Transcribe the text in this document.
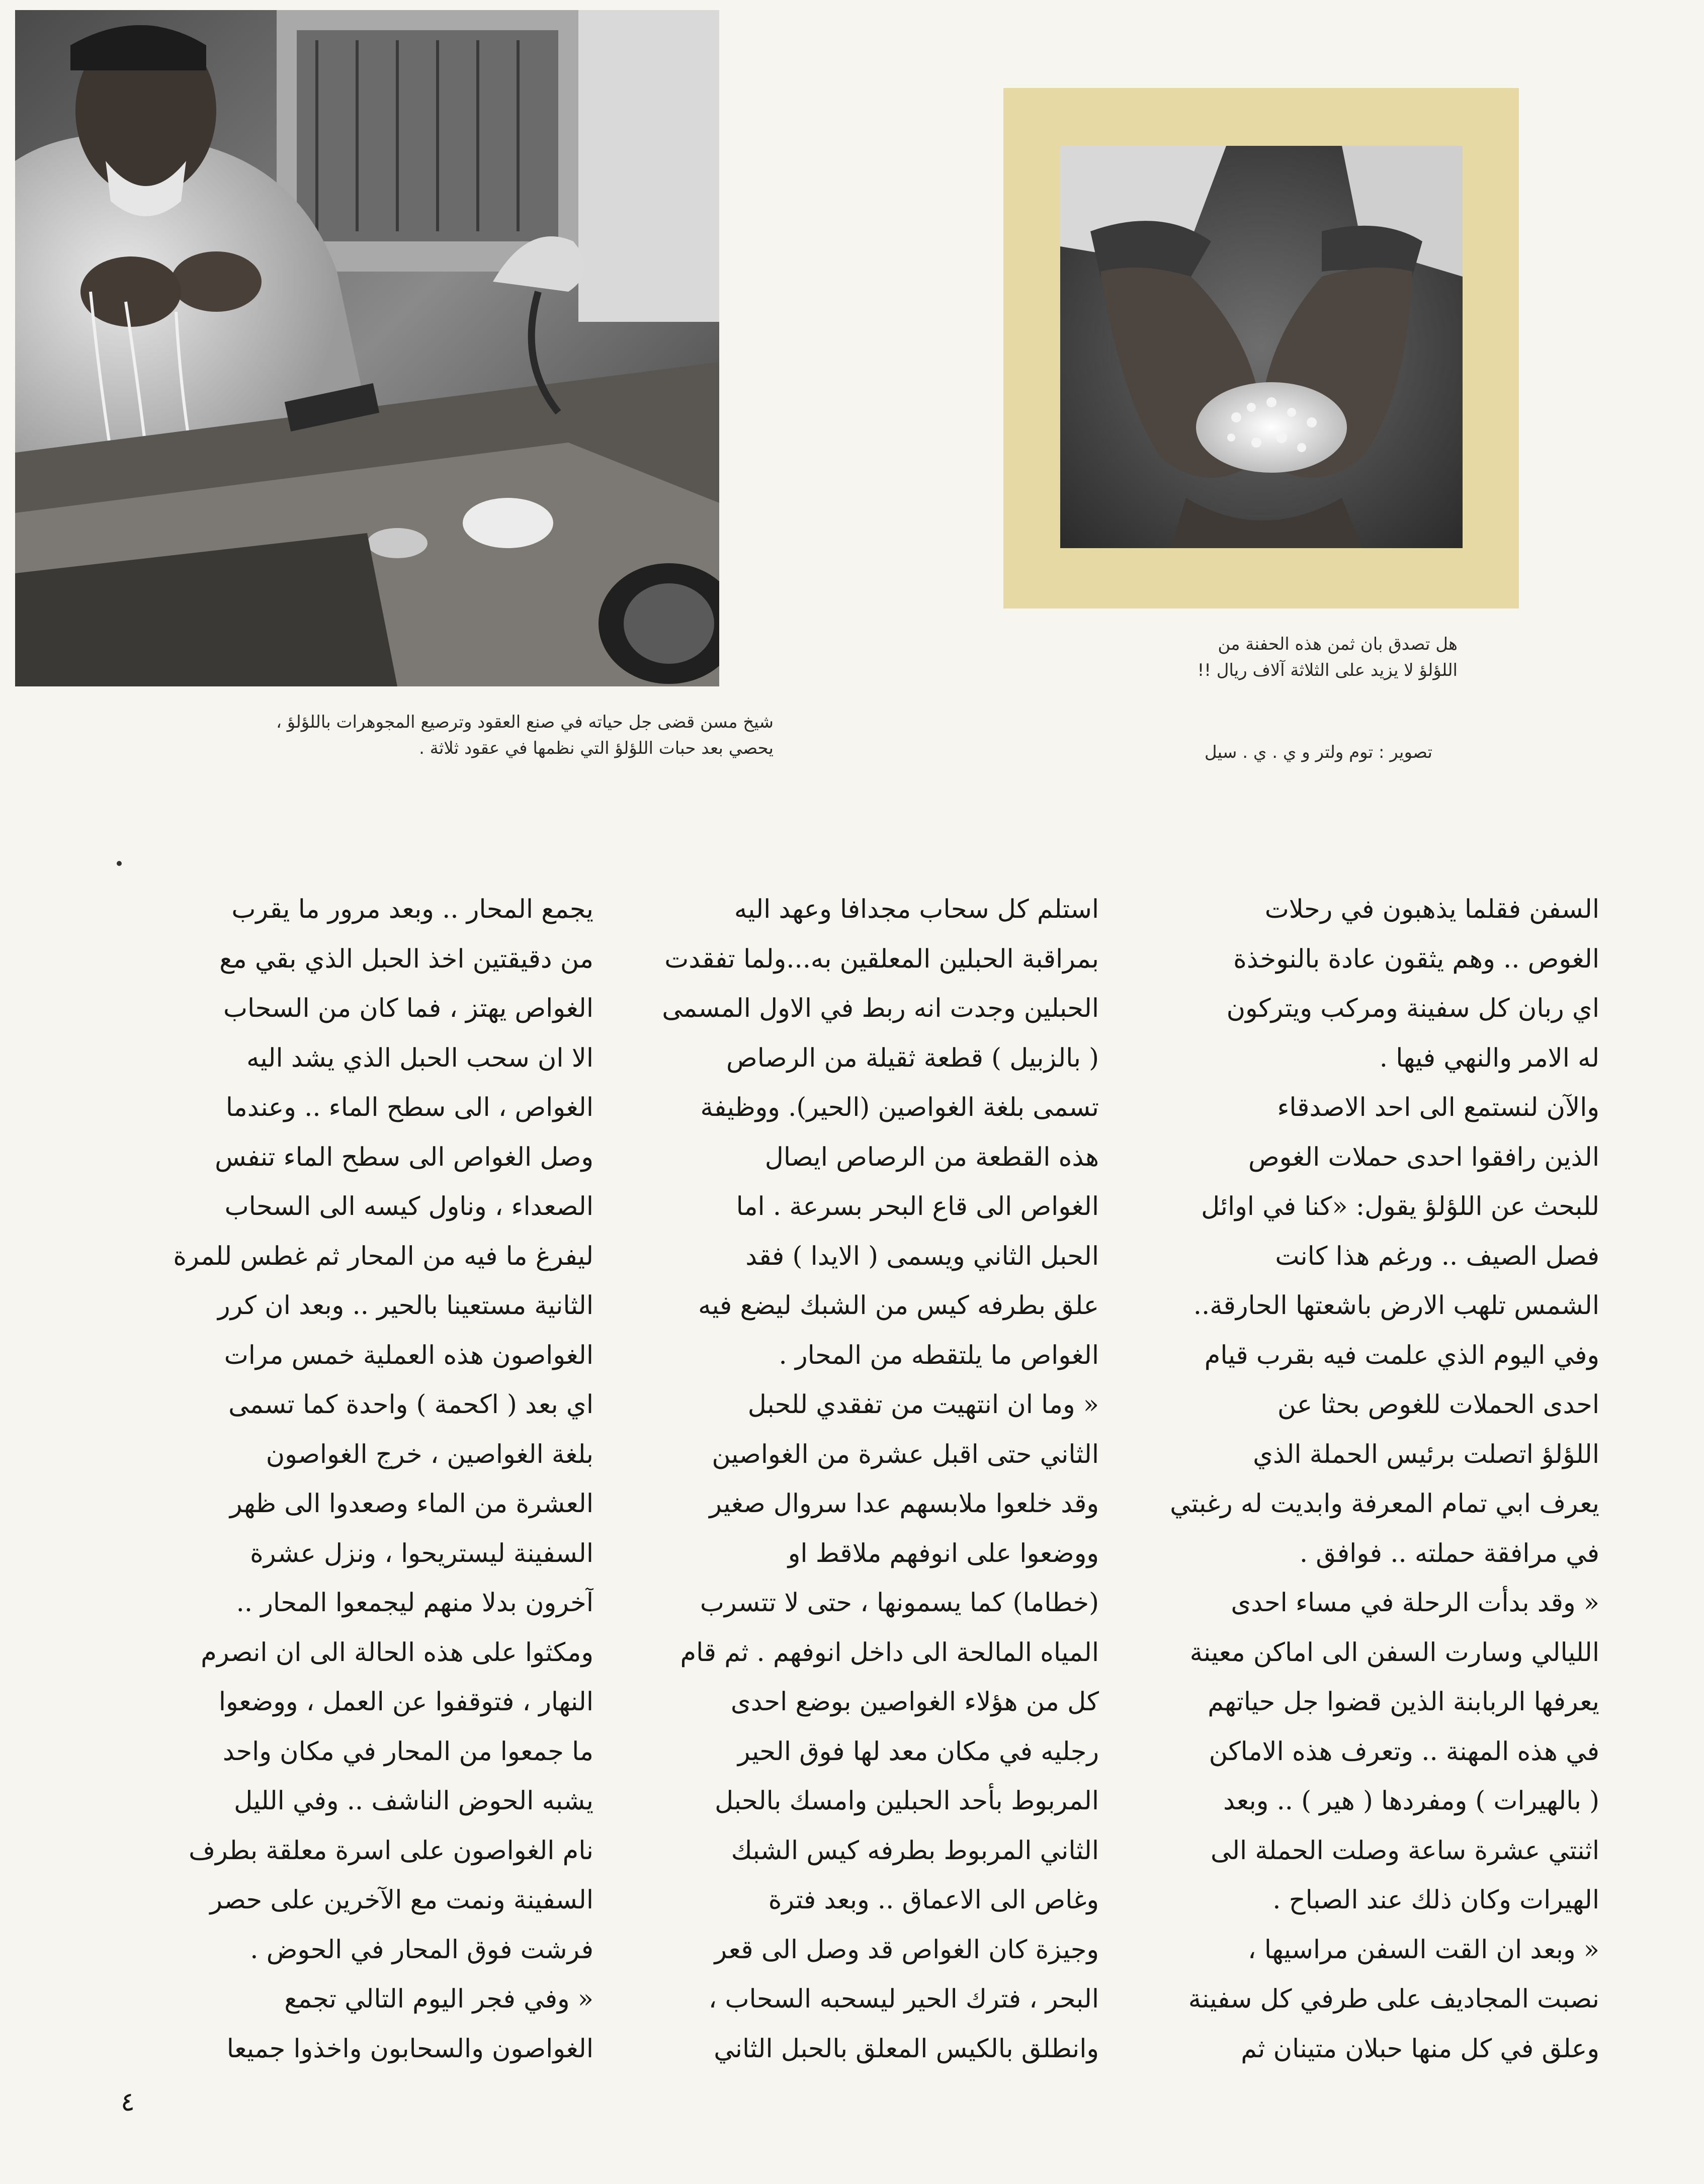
شيخ مسن قضى جل حياته في صنع العقود وترصيع المجوهرات باللؤلؤ ،
يحصي بعد حبات اللؤلؤ التي نظمها في عقود ثلاثة .
هل تصدق بان ثمن هذه الحفنة من
اللؤلؤ لا يزيد على الثلاثة آلاف ريال !!
تصوير : توم ولتر و ي . ي . سيل
السفن فقلما يذهبون في رحلات
الغوص .. وهم يثقون عادة بالنوخذة
اي ربان كل سفينة ومركب ويتركون
له الامر والنهي فيها .
والآن لنستمع الى احد الاصدقاء
الذين رافقوا احدى حملات الغوص
للبحث عن اللؤلؤ يقول: «كنا في اوائل
فصل الصيف .. ورغم هذا كانت
الشمس تلهب الارض باشعتها الحارقة..
وفي اليوم الذي علمت فيه بقرب قيام
احدى الحملات للغوص بحثا عن
اللؤلؤ اتصلت برئيس الحملة الذي
يعرف ابي تمام المعرفة وابديت له رغبتي
في مرافقة حملته .. فوافق .
« وقد بدأت الرحلة في مساء احدى
الليالي وسارت السفن الى اماكن معينة
يعرفها الربابنة الذين قضوا جل حياتهم
في هذه المهنة .. وتعرف هذه الاماكن
( بالهيرات ) ومفردها ( هير ) .. وبعد
اثنتي عشرة ساعة وصلت الحملة الى
الهيرات وكان ذلك عند الصباح .
« وبعد ان القت السفن مراسيها ،
نصبت المجاديف على طرفي كل سفينة
وعلق في كل منها حبلان متينان ثم
استلم كل سحاب مجدافا وعهد اليه
بمراقبة الحبلين المعلقين به...ولما تفقدت
الحبلين وجدت انه ربط في الاول المسمى
( بالزبيل ) قطعة ثقيلة من الرصاص
تسمى بلغة الغواصين (الحير). ووظيفة
هذه القطعة من الرصاص ايصال
الغواص الى قاع البحر بسرعة . اما
الحبل الثاني ويسمى ( الايدا ) فقد
علق بطرفه كيس من الشبك ليضع فيه
الغواص ما يلتقطه من المحار .
« وما ان انتهيت من تفقدي للحبل
الثاني حتى اقبل عشرة من الغواصين
وقد خلعوا ملابسهم عدا سروال صغير
ووضعوا على انوفهم ملاقط او
(خطاما) كما يسمونها ، حتى لا تتسرب
المياه المالحة الى داخل انوفهم . ثم قام
كل من هؤلاء الغواصين بوضع احدى
رجليه في مكان معد لها فوق الحير
المربوط بأحد الحبلين وامسك بالحبل
الثاني المربوط بطرفه كيس الشبك
وغاص الى الاعماق .. وبعد فترة
وجيزة كان الغواص قد وصل الى قعر
البحر ، فترك الحير ليسحبه السحاب ،
وانطلق بالكيس المعلق بالحبل الثاني
يجمع المحار .. وبعد مرور ما يقرب
من دقيقتين اخذ الحبل الذي بقي مع
الغواص يهتز ، فما كان من السحاب
الا ان سحب الحبل الذي يشد اليه
الغواص ، الى سطح الماء .. وعندما
وصل الغواص الى سطح الماء تنفس
الصعداء ، وناول كيسه الى السحاب
ليفرغ ما فيه من المحار ثم غطس للمرة
الثانية مستعينا بالحير .. وبعد ان كرر
الغواصون هذه العملية خمس مرات
اي بعد ( اكحمة ) واحدة كما تسمى
بلغة الغواصين ، خرج الغواصون
العشرة من الماء وصعدوا الى ظهر
السفينة ليستريحوا ، ونزل عشرة
آخرون بدلا منهم ليجمعوا المحار ..
ومكثوا على هذه الحالة الى ان انصرم
النهار ، فتوقفوا عن العمل ، ووضعوا
ما جمعوا من المحار في مكان واحد
يشبه الحوض الناشف .. وفي الليل
نام الغواصون على اسرة معلقة بطرف
السفينة ونمت مع الآخرين على حصر
فرشت فوق المحار في الحوض .
« وفي فجر اليوم التالي تجمع
الغواصون والسحابون واخذوا جميعا
٤
